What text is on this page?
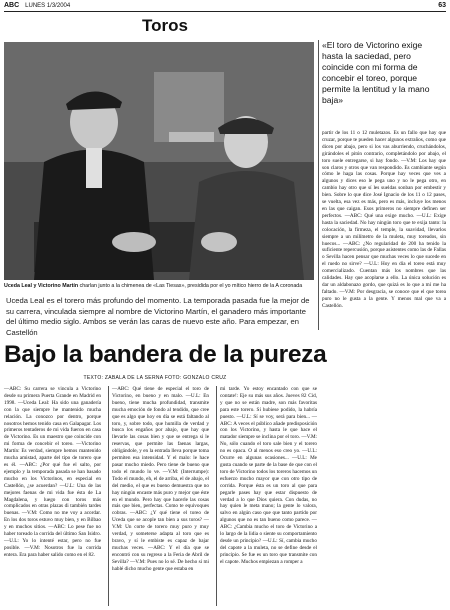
ABC LUNES 1/3/2004	63
Toros
Uceda Leal y Victorino Martín charlan junto a la chimenea de «Las Tiesas», presidida por el yo mítico hierro de la A coronada
«El toro de Victorino exige hasta la saciedad, pero coincide con mi forma de concebir el toreo, porque permite la lentitud y la mano baja»
partir de los 11 o 12 muletazos. Es un fallo que hay que cruzar, porque te pueden hacer algunos extraños, como que dicen por abajo, pero si los vas aburriendo, cruchándolos, girándoles el pitón contrario, completándolo por abajo, el toro suele entregarse, si hay fondo. —V.M: Los hay que son claros y otros que van respondido. Es cambiante según cómo le haga las cosas. Porque hay veces que ves a algunos y dices eso le pega uno y no le pega otro, en cambio hay otro que sí les sueldas sonban por embestir y bien. Sobre lo que dice José Ignacio de los 11 o 12 pases, se vuelta, esa vez es más, pero es más, incluye los menos en las que caigan. Esos primeros no siempre definen ser perfectos. —ABC: Qué una exige mucho. —U.L: Exige hasta la saciedad. No hay ningún toro que te exija tanto: la colocación, la firmeza, el temple, la suavidad, llevarlos siempre a un milímetro de la muleta, muy toreados, sin huecos... —ABC: ¿No regularidad de 200 ha tenido la suficiente repercusión, porque asistentes como las de Fallas o Sevilla hacen pensar que muchas veces lo que sucede en el ruedo no sirve? —U.L: Hoy en día el toreo está muy comercializado. Cuentan más los nombres que las calidades. Hay que acoplarse a ello. La única solución es dar un aldabonazo gordo, que quizá es lo que a mí me ha faltado. —V.M: Por desgracia, se conoce que el que torea puro no le gusta a la gente. Y menos mal que va a Castellón.
Uceda Leal es el torero más profundo del momento. La temporada pasada fue la mejor de su carrera, vinculada siempre al nombre de Victorino Martín, el ganadero más importante del último medio siglo. Ambos se verán las caras de nuevo este año. Para empezar, en Castellón
Bajo la bandera de la pureza
TEXTO: ZABALA DE LA SERNA FOTO: GONZALO CRUZ
—ABC: Su carrera se vincula a Victorino desde su primera Puerta Grande en Madrid en 1998. —Uceda Leal: Ha sido una ganadería con la que siempre he mantenido mucha relación. La conozco por dentro, porque nosotros hemos tenido casa en Galapagar. Los primeros tentaderos de mi vida fueron en casa de Victorino. Es un maestro que coincide con mi forma de concebir el toreo. —Victorino Martín: Es verdad, siempre hemos mantenido mucha amistad, aparte del tipo de torero que es él. —ABC: ¿Por qué fue el salto, por ejemplo y la temporada pasada se han basado mucho en los Victorinos, en especial en Castellón, ¿se acuerdan? —U.L: Una de las mejores faenas de mi vida fue ésta de La Magdalena, y luego con toros más complicados en otras plazas di también tardes buenas. —V.M: Como no me voy a acordar. En los dos toros estuvo muy bien, y en Bilbao y en muchos sitios. —ABC: Lo pese fue no haber toreado la corrida del último San Isidro. —U.L: Yo lo intenté estar, pero no fue posible. —V.M: Nosotros fue la corrida entera. Era para haber salido como en el 82.
—ABC: Qué tiene de especial el toro de Victorino, en bueno y en malo. —U.L: En bueno, tiene mucha profundidad, transmite mucha emoción de fondo al tendido, que cree que es algo que hoy en día se está faltando al toro, y, sobre todo, que humilla de verdad y busca los engaños por abajo, que hay que llevarle las cosas bien y que se entrega si le reservas, que permite las faenas largas, obligándole, y en la entrada lleva porque toma permiten esa intensidad. Y el malo: le hace pasar mucho miedo. Pero tiene de bueno que todo el mundo lo ve. —V.M: (Interrumpe): Todo el mundo, eh, el de arriba, el de abajo, el del medio, el que es bueno demuestra que no hay ningún encaste más puro y mejor que éste en el mundo. Pero hay que hacerle las cosas más que bien, perfectas. Como te equivoques cobras. —ABC: ¿Y qué tiene el toreo de Uceda que se acople tan bien a sus toros? —V.M: Un corte de torero muy puro y muy verdad, y someterse adapta al toro que es bravo, y sí le embiste es capaz de bajar muchas veces. —ABC: Y el día que se encontró con su regreso a la Feria de Abril de Sevilla? —V.M: Pues no lo sé. De hecho si mi hablé dicho mucho gente que estaba en
mi tarde. Yo estoy encantado con que se contate!: Eje su más sus años. Jueves 82 Cid, y que no se están madre, son más favoritas para este torero. Sí hubiese podido, la habría puesto. —U.L: Sí se voy, será para bien... —ABC: A veces el público añade predisposición con los Victorino, y hasta le que hace el matador siempre se inclina por el toro. —V.M: No, sólo cuando el toro sale bien y el torero no es opaca. O al menos eso creo yo. —U.L: Ocurre en algunas ocasiones... —U.L: Me gusta cuando se parte de la base de que con el toro de Victorino todos los toreros hacemos un esfuerzo mucho mayor que con otro tipo de corrida. Porque ésta es un toro al que para pegarle pases hay que estar dispuesto de verdad a lo que Dios quiera. Con dudas, no hay quien le meta mano; la gente lo valora, salvo en algún caso que que tanto partido por algunos que no es tan bueno como parece. —ABC: ¿Cambia mucho el toro de Victorino a lo largo de la lidia o siente su comportamiento desde un principio? —U.L: Sí, cambia mucho del capote a la muleta, no se define desde el principio. Se fue es un toro que transmite con el capote. Muchos empiezan a romper a
